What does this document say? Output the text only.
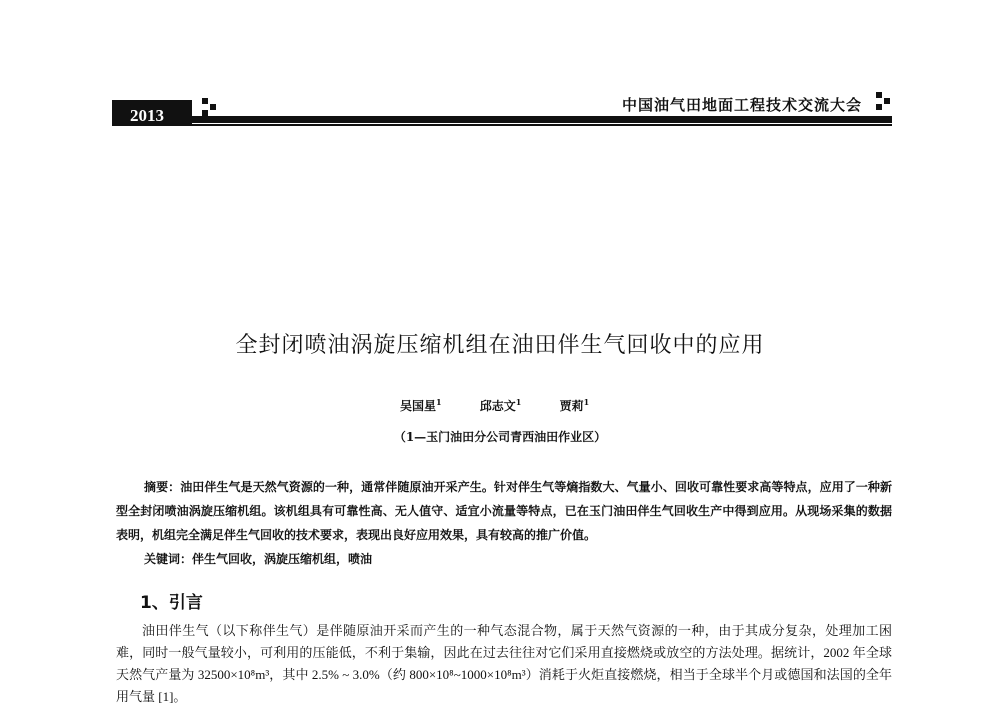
2013
中国油气田地面工程技术交流大会
全封闭喷油涡旋压缩机组在油田伴生气回收中的应用
吴国星$^1$	邱志文$^1$	贾莉$^1$
（1—玉门油田分公司青西油田作业区）
摘要：油田伴生气是天然气资源的一种，通常伴随原油开采产生。针对伴生气等熵指数大、气量小、回收可靠性要求高等特点，应用了一种新型全封闭喷油涡旋压缩机组。该机组具有可靠性高、无人值守、适宜小流量等特点，已在玉门油田伴生气回收生产中得到应用。从现场采集的数据表明，机组完全满足伴生气回收的技术要求，表现出良好应用效果，具有较高的推广价值。
关键词：伴生气回收，涡旋压缩机组，喷油
1、引言
油田伴生气（以下称伴生气）是伴随原油开采而产生的一种气态混合物，属于天然气资源的一种，由于其成分复杂，处理加工困难，同时一般气量较小，可利用的压能低，不利于集输，因此在过去往往对它们采用直接燃烧或放空的方法处理。据统计，2002 年全球天然气产量为 32500×10⁸m³，其中 2.5% ~ 3.0%（约 800×10⁸~1000×10⁸m³）消耗于火炬直接燃烧，相当于全球半个月或德国和法国的全年用气量 [1]。
